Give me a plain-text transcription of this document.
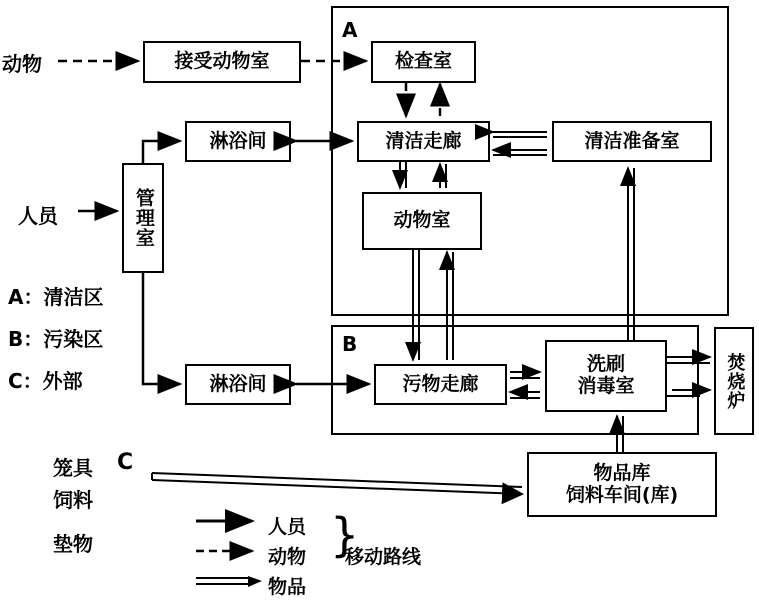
A
B
接受动物室	检查室
淋浴间	清洁走廊	清洁准备室
管理室	动物室
淋浴间	污物走廊
洗刷
消毒室	焚烧炉
物品库
饲料车间(库)
动物
人员
A：清洁区
B：污染区
C：外部
笼具 C
饲料
垫物
人员
动物
物品
}
移动路线
